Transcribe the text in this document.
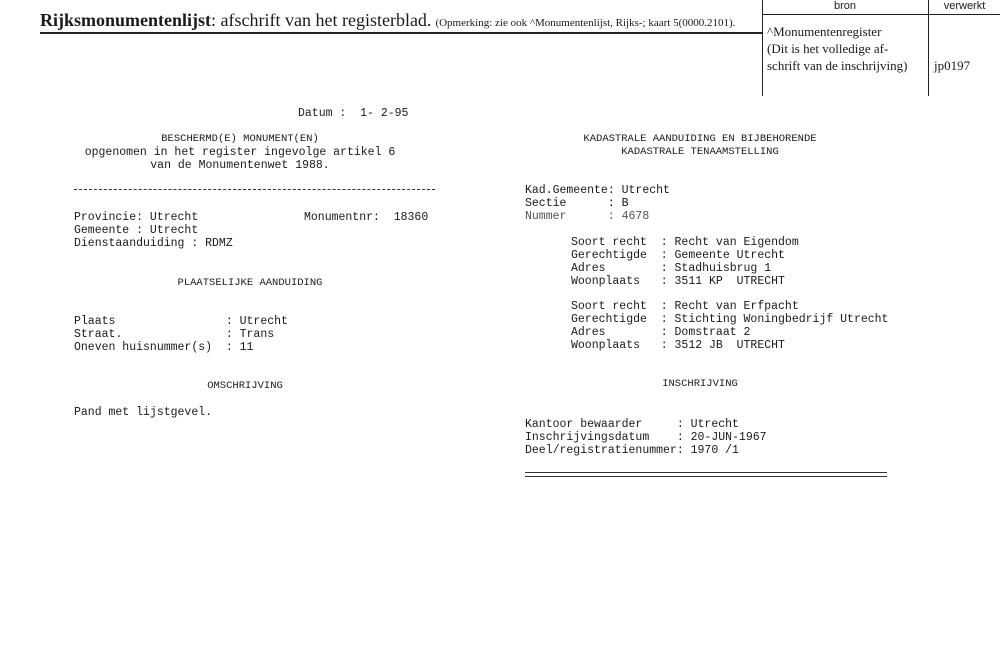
Rijksmonumentenlijst: afschrift van het registerblad. (Opmerking: zie ook ^Monumentenlijst, Rijks-; kaart 5(0000.2101).
bron	verwerkt
^Monumentenregister
(Dit is het volledige af-
schrift van de inschrijving) jp0197
Datum :  1- 2-95
BESCHERMD(E) MONUMENT(EN)
opgenomen in het register ingevolge artikel 6
van de Monumentenwet 1988.
Provincie: Utrecht	Monumentnr:  18360
Gemeente : Utrecht
Dienstaanduiding : RDMZ
PLAATSELIJKE AANDUIDING
Plaats                : Utrecht
Straat.               : Trans
Oneven huisnummer(s)  : 11
OMSCHRIJVING
Pand met lijstgevel.
KADASTRALE AANDUIDING EN BIJBEHORENDE
KADASTRALE TENAAMSTELLING
Kad.Gemeente: Utrecht
Sectie      : B
Nummer      : 4678
Soort recht  : Recht van Eigendom
Gerechtigde  : Gemeente Utrecht
Adres        : Stadhuisbrug 1
Woonplaats   : 3511 KP  UTRECHT
Soort recht  : Recht van Erfpacht
Gerechtigde  : Stichting Woningbedrijf Utrecht
Adres        : Domstraat 2
Woonplaats   : 3512 JB  UTRECHT
INSCHRIJVING
Kantoor bewaarder     : Utrecht
Inschrijvingsdatum    : 20-JUN-1967
Deel/registratienummer: 1970 /1
